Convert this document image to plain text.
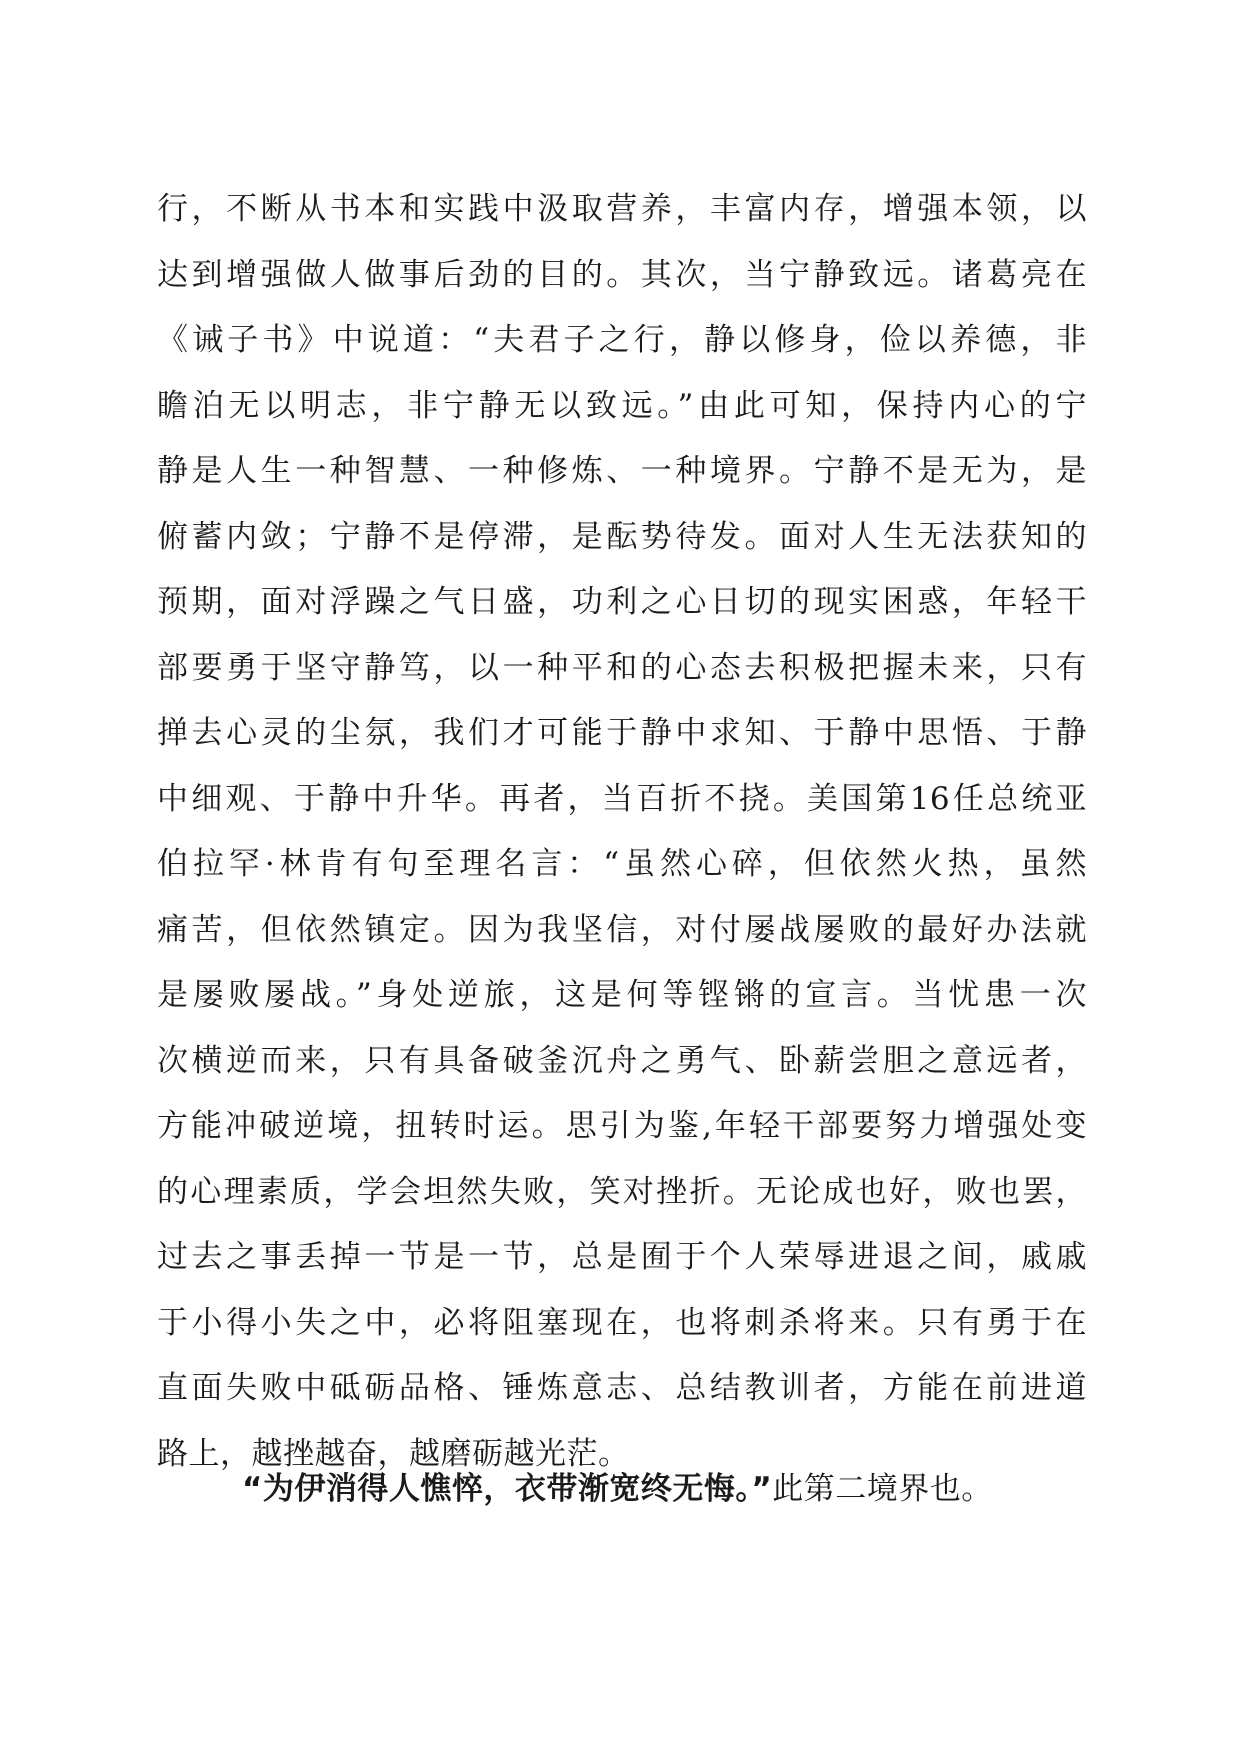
行，不断从书本和实践中汲取营养，丰富内存，增强本领，以
达到增强做人做事后劲的目的。其次，当宁静致远。诸葛亮在
《诫子书》中说道：“夫君子之行，静以修身，俭以养德，非
瞻泊无以明志，非宁静无以致远。”由此可知，保持内心的宁
静是人生一种智慧、一种修炼、一种境界。宁静不是无为，是
俯蓄内敛；宁静不是停滞，是酝势待发。面对人生无法获知的
预期，面对浮躁之气日盛，功利之心日切的现实困惑，年轻干
部要勇于坚守静笃，以一种平和的心态去积极把握未来，只有
掸去心灵的尘氛，我们才可能于静中求知、于静中思悟、于静
中细观、于静中升华。再者，当百折不挠。美国第16任总统亚
伯拉罕·林肯有句至理名言：“虽然心碎，但依然火热，虽然
痛苦，但依然镇定。因为我坚信，对付屡战屡败的最好办法就
是屡败屡战。”身处逆旅，这是何等铿锵的宣言。当忧患一次
次横逆而来，只有具备破釜沉舟之勇气、卧薪尝胆之意远者，
方能冲破逆境，扭转时运。思引为鉴,年轻干部要努力增强处变
的心理素质，学会坦然失败，笑对挫折。无论成也好，败也罢，
过去之事丢掉一节是一节，总是囿于个人荣辱进退之间，戚戚
于小得小失之中，必将阻塞现在，也将刺杀将来。只有勇于在
直面失败中砥砺品格、锤炼意志、总结教训者，方能在前进道
路上，越挫越奋，越磨砺越光茫。
“为伊消得人憔悴，衣带渐宽终无悔。”此第二境界也。
